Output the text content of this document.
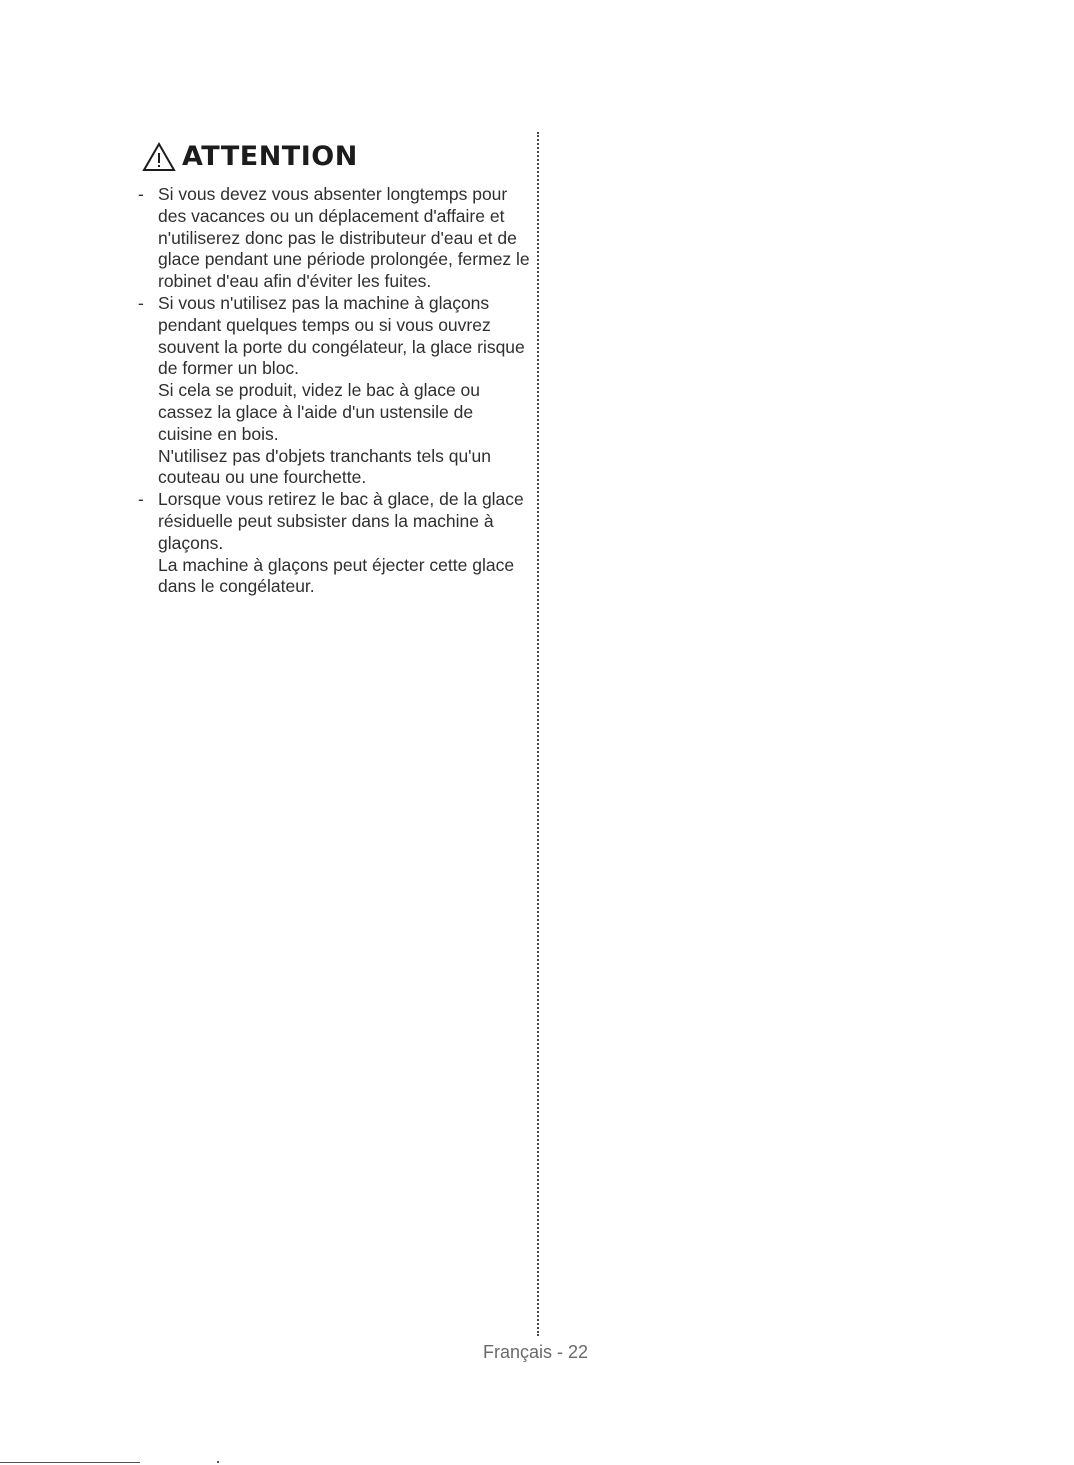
ATTENTION
- Si vous devez vous absenter longtemps pour
des vacances ou un déplacement d'affaire et
n'utiliserez donc pas le distributeur d'eau et de
glace pendant une période prolongée, fermez le
robinet d'eau afin d'éviter les fuites.

- Si vous n'utilisez pas la machine à glaçons
pendant quelques temps ou si vous ouvrez
souvent la porte du congélateur, la glace risque
de former un bloc.

Si cela se produit, videz le bac à glace ou
cassez la glace à l'aide d'un ustensile de
cuisine en bois.

N'utilisez pas d'objets tranchants tels qu'un
couteau ou une fourchette.

- Lorsque vous retirez le bac à glace, de la glace
résiduelle peut subsister dans la machine à
glaçons.

La machine à glaçons peut éjecter cette glace
dans le congélateur.

Français - 22
